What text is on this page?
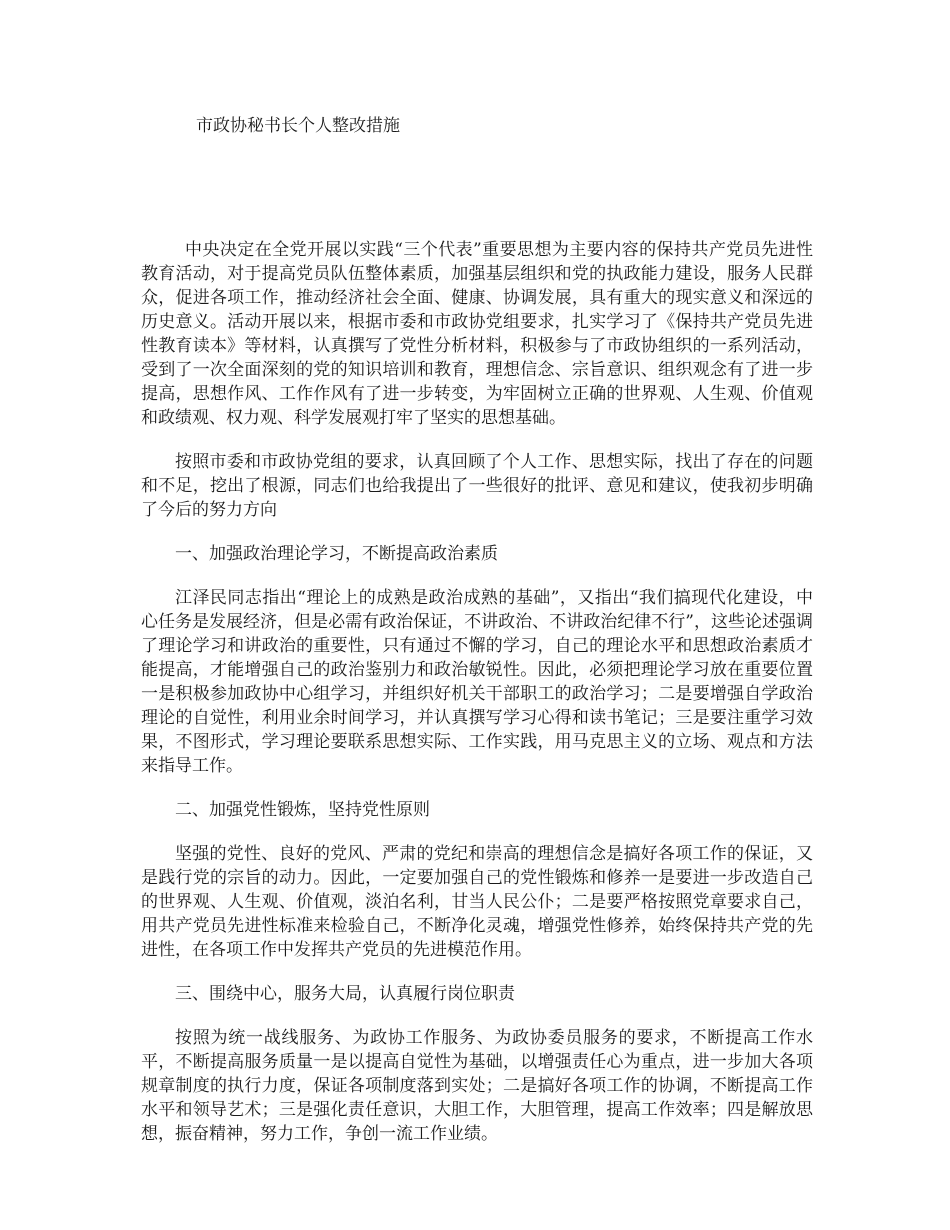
市政协秘书长个人整改措施

中央决定在全党开展以实践“三个代表”重要思想为主要内容的保持共产党员先进性教育活动，对于提高党员队伍整体素质，加强基层组织和党的执政能力建设，服务人民群众，促进各项工作，推动经济社会全面、健康、协调发展，具有重大的现实意义和深远的历史意义。活动开展以来，根据市委和市政协党组要求，扎实学习了《保持共产党员先进性教育读本》等材料，认真撰写了党性分析材料，积极参与了市政协组织的一系列活动，受到了一次全面深刻的党的知识培训和教育，理想信念、宗旨意识、组织观念有了进一步提高，思想作风、工作作风有了进一步转变，为牢固树立正确的世界观、人生观、价值观和政绩观、权力观、科学发展观打牢了坚实的思想基础。

按照市委和市政协党组的要求，认真回顾了个人工作、思想实际，找出了存在的问题和不足，挖出了根源，同志们也给我提出了一些很好的批评、意见和建议，使我初步明确了今后的努力方向

一、加强政治理论学习，不断提高政治素质

江泽民同志指出“理论上的成熟是政治成熟的基础”，又指出“我们搞现代化建设，中心任务是发展经济，但是必需有政治保证，不讲政治、不讲政治纪律不行”，这些论述强调了理论学习和讲政治的重要性，只有通过不懈的学习，自己的理论水平和思想政治素质才能提高，才能增强自己的政治鉴别力和政治敏锐性。因此，必须把理论学习放在重要位置一是积极参加政协中心组学习，并组织好机关干部职工的政治学习；二是要增强自学政治理论的自觉性，利用业余时间学习，并认真撰写学习心得和读书笔记；三是要注重学习效果，不图形式，学习理论要联系思想实际、工作实践，用马克思主义的立场、观点和方法来指导工作。

二、加强党性锻炼，坚持党性原则

坚强的党性、良好的党风、严肃的党纪和崇高的理想信念是搞好各项工作的保证，又是践行党的宗旨的动力。因此，一定要加强自己的党性锻炼和修养一是要进一步改造自己的世界观、人生观、价值观，淡泊名利，甘当人民公仆；二是要严格按照党章要求自己，用共产党员先进性标准来检验自己，不断净化灵魂，增强党性修养，始终保持共产党的先进性，在各项工作中发挥共产党员的先进模范作用。

三、围绕中心，服务大局，认真履行岗位职责

按照为统一战线服务、为政协工作服务、为政协委员服务的要求，不断提高工作水平，不断提高服务质量一是以提高自觉性为基础，以增强责任心为重点，进一步加大各项规章制度的执行力度，保证各项制度落到实处；二是搞好各项工作的协调，不断提高工作水平和领导艺术；三是强化责任意识，大胆工作，大胆管理，提高工作效率；四是解放思想，振奋精神，努力工作，争创一流工作业绩。
